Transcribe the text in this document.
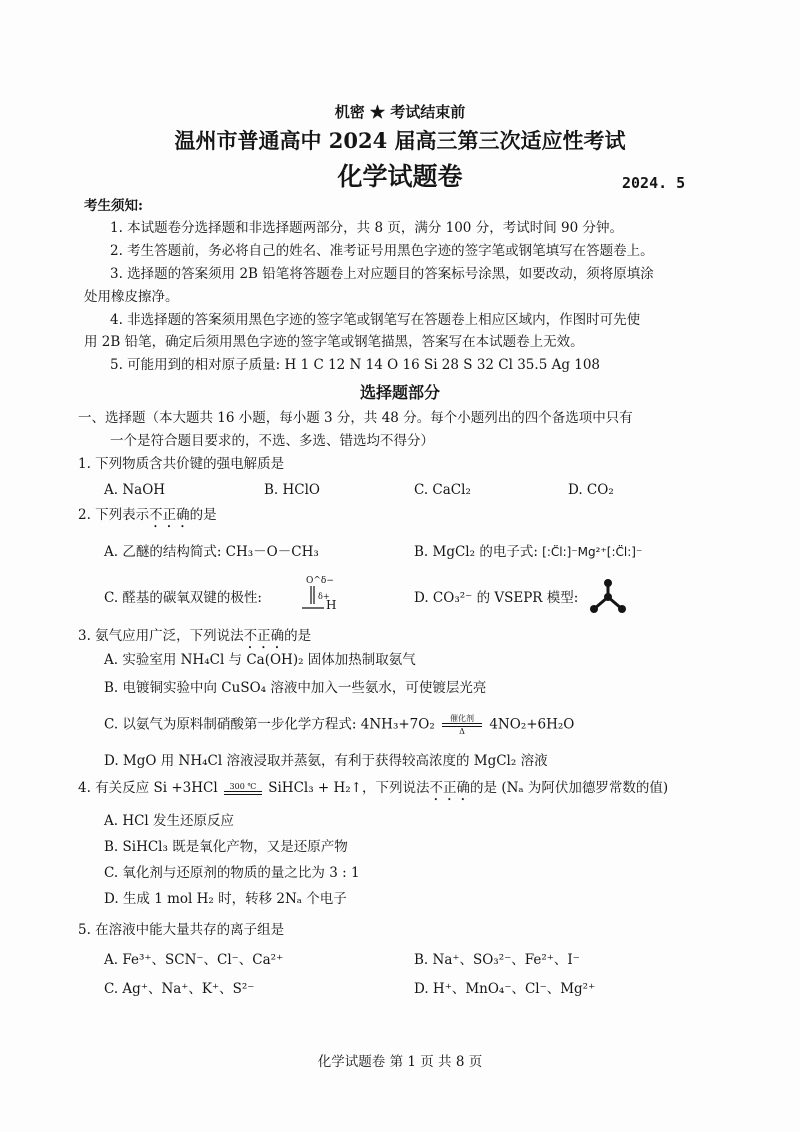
机密 ★ 考试结束前
温州市普通高中 2024 届高三第三次适应性考试
化学试题卷	2024. 5
考生须知:
1. 本试题卷分选择题和非选择题两部分，共 8 页，满分 100 分，考试时间 90 分钟。
2. 考生答题前，务必将自己的姓名、准考证号用黑色字迹的签字笔或钢笔填写在答题卷上。
3. 选择题的答案须用 2B 铅笔将答题卷上对应题目的答案标号涂黑，如要改动，须将原填涂
处用橡皮擦净。
4. 非选择题的答案须用黑色字迹的签字笔或钢笔写在答题卷上相应区域内，作图时可先使
用 2B 铅笔，确定后须用黑色字迹的签字笔或钢笔描黑，答案写在本试题卷上无效。
5. 可能用到的相对原子质量: H 1 C 12 N 14 O 16 Si 28 S 32 Cl 35.5 Ag 108
选择题部分
一、选择题（本大题共 16 小题，每小题 3 分，共 48 分。每个小题列出的四个备选项中只有
一个是符合题目要求的，不选、多选、错选均不得分）
1. 下列物质含共价键的强电解质是
A. NaOH	B. HClO	C. CaCl₂	D. CO₂
2. 下列表示不正确的是
A. 乙醚的结构简式: CH₃－O－CH₃	B. MgCl₂ 的电子式: [:C̈l:]⁻Mg²⁺[:C̈l:]⁻
C. 醛基的碳氧双键的极性:
O^δ−
δ+
H	D. CO₃²⁻ 的 VSEPR 模型:
3. 氨气应用广泛，下列说法不正确的是
A. 实验室用 NH₄Cl 与 Ca(OH)₂ 固体加热制取氨气
B. 电镀铜实验中向 CuSO₄ 溶液中加入一些氨水，可使镀层光亮
C. 以氨气为原料制硝酸第一步化学方程式: 4NH₃+7O₂	催化剂
Δ	4NO₂+6H₂O
D. MgO 用 NH₄Cl 溶液浸取并蒸氨，有利于获得较高浓度的 MgCl₂ 溶液
4. 有关反应 Si +3HCl	300 ℃ SiHCl₃ + H₂↑，下列说法不正确的是 (Nₐ 为阿伏加德罗常数的值)
A. HCl 发生还原反应
B. SiHCl₃ 既是氧化产物，又是还原产物
C. 氧化剂与还原剂的物质的量之比为 3 : 1
D. 生成 1 mol H₂ 时，转移 2Nₐ 个电子
5. 在溶液中能大量共存的离子组是
A. Fe³⁺、SCN⁻、Cl⁻、Ca²⁺	B. Na⁺、SO₃²⁻、Fe²⁺、I⁻
C. Ag⁺、Na⁺、K⁺、S²⁻	D. H⁺、MnO₄⁻、Cl⁻、Mg²⁺
化学试题卷 第 1 页 共 8 页
